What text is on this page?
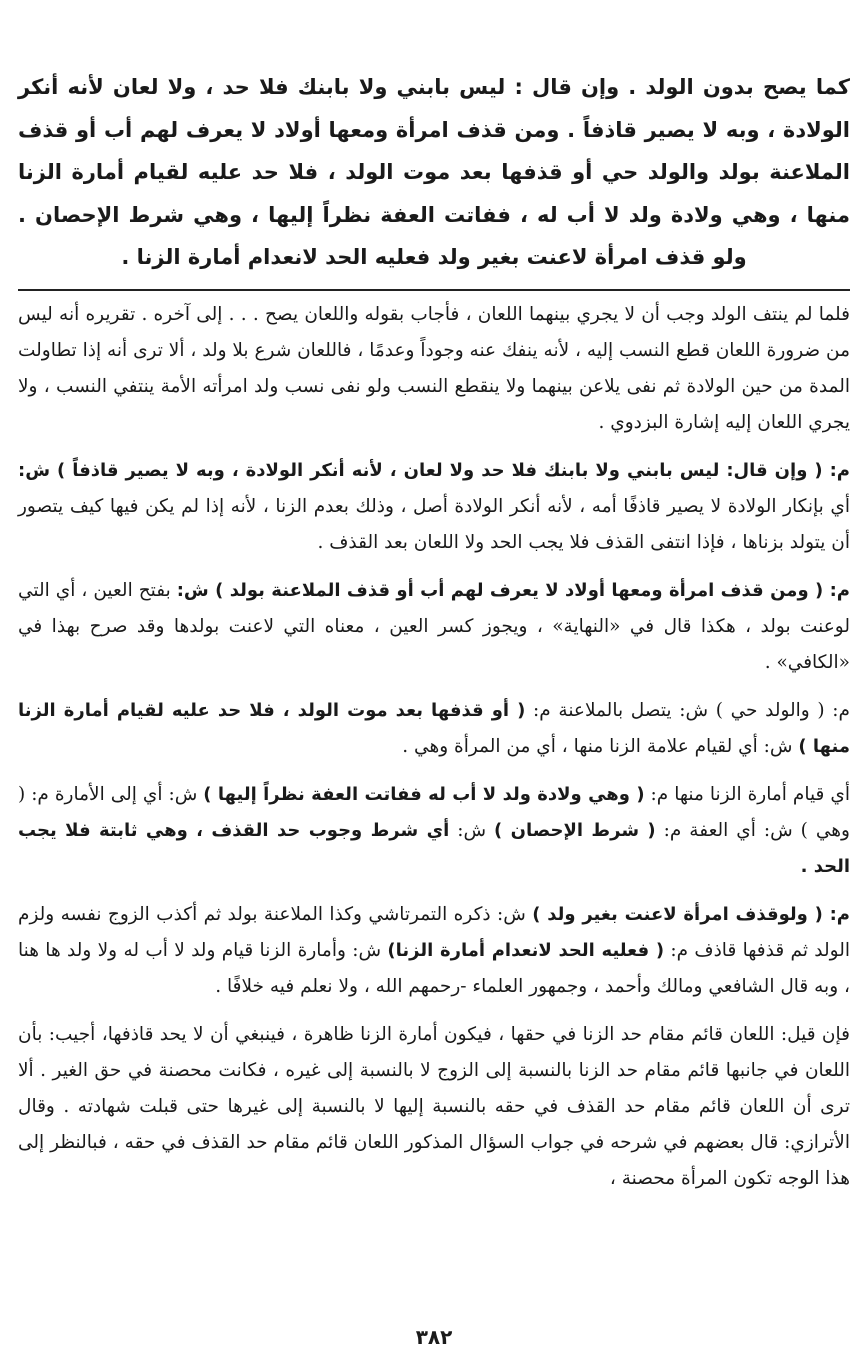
كما يصح بدون الولد . وإن قال : ليس بابني ولا بابنك فلا حد ، ولا لعان لأنه أنكر الولادة ، وبه لا يصير قاذفاً . ومن قذف امرأة ومعها أولاد لا يعرف لهم أب أو قذف الملاعنة بولد والولد حي أو قذفها بعد موت الولد ، فلا حد عليه لقيام أمارة الزنا منها ، وهي ولادة ولد لا أب له ، ففاتت العفة نظراً إليها ، وهي شرط الإحصان . ولو قذف امرأة لاعنت بغير ولد فعليه الحد لانعدام أمارة الزنا .

فلما لم ينتف الولد وجب أن لا يجري بينهما اللعان ، فأجاب بقوله واللعان يصح . . . إلى آخره . تقريره أنه ليس من ضرورة اللعان قطع النسب إليه ، لأنه ينفك عنه وجوداً وعدمًا ، فاللعان شرع بلا ولد ، ألا ترى أنه إذا تطاولت المدة من حين الولادة ثم نفى يلاعن بينهما ولا ينقطع النسب ولو نفى نسب ولد امرأته الأمة ينتفي النسب ، ولا يجري اللعان إليه إشارة البزدوي .

م: ( وإن قال: ليس بابني ولا بابنك فلا حد ولا لعان ، لأنه أنكر الولادة ، وبه لا يصير قاذفاً ) ش: أي بإنكار الولادة لا يصير قاذفًا أمه ، لأنه أنكر الولادة أصل ، وذلك بعدم الزنا ، لأنه إذا لم يكن فيها كيف يتصور أن يتولد بزناها ، فإذا انتفى القذف فلا يجب الحد ولا اللعان بعد القذف .

م: ( ومن قذف امرأة ومعها أولاد لا يعرف لهم أب أو قذف الملاعنة بولد ) ش: بفتح العين ، أي التي لوعنت بولد ، هكذا قال في «النهاية» ، ويجوز كسر العين ، معناه التي لاعنت بولدها وقد صرح بهذا في «الكافي» .

م: ( والولد حي ) ش: يتصل بالملاعنة م: ( أو قذفها بعد موت الولد ، فلا حد عليه لقيام أمارة الزنا منها ) ش: أي لقيام علامة الزنا منها ، أي من المرأة وهي .

أي قيام أمارة الزنا منها م: ( وهي ولادة ولد لا أب له ففاتت العفة نظراً إليها ) ش: أي إلى الأمارة م: ( وهي ) ش: أي العفة م: ( شرط الإحصان ) ش: أي شرط وجوب حد القذف ، وهي ثابتة فلا يجب الحد .

م: ( ولوقذف امرأة لاعنت بغير ولد ) ش: ذكره التمرتاشي وكذا الملاعنة بولد ثم أكذب الزوج نفسه ولزم الولد ثم قذفها قاذف م: ( فعليه الحد لانعدام أمارة الزنا) ش: وأمارة الزنا قيام ولد لا أب له ولا ولد ها هنا ، وبه قال الشافعي ومالك وأحمد ، وجمهور العلماء -رحمهم الله ، ولا نعلم فيه خلافًا .

فإن قيل: اللعان قائم مقام حد الزنا في حقها ، فيكون أمارة الزنا ظاهرة ، فينبغي أن لا يحد قاذفها، أجيب: بأن اللعان في جانبها قائم مقام حد الزنا بالنسبة إلى الزوج لا بالنسبة إلى غيره ، فكانت محصنة في حق الغير . ألا ترى أن اللعان قائم مقام حد القذف في حقه بالنسبة إليها لا بالنسبة إلى غيرها حتى قبلت شهادته . وقال الأترازي: قال بعضهم في شرحه في جواب السؤال المذكور اللعان قائم مقام حد القذف في حقه ، فبالنظر إلى هذا الوجه تكون المرأة محصنة ،

٣٨٢
